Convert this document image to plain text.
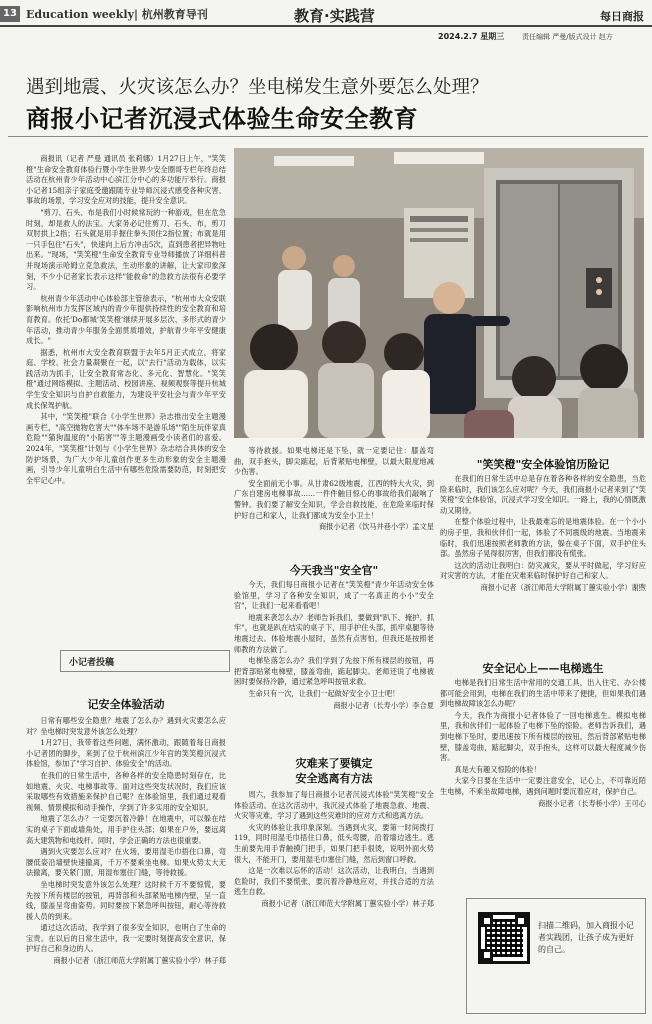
13 Education weekly| 杭州教育导刊	教育·实践营	每日商报
2024.2.7 星期三	责任编辑 严曼/版式设计 赵方
遇到地震、火灾该怎么办？坐电梯发生意外要怎么处理？
商报小记者沉浸式体验生命安全教育

商报讯（记者 严曼 通讯员 张莉娜）1月27日上午，"笑笑橙"生命安全教育体验行暨小学生世界少安全圈哥专栏年终总结活动在杭州青少年活动中心滨江分中心的多功能厅举行。商报小记者15组亲子家庭受邀跟随专业导师沉浸式感受各种灾害、事故的场景，学习安全应对的技能，提升安全意识。

"剪刀、石头、布是我们小时候常玩的一种游戏，但在危急时刻，却是救人的法宝。大家务必记住剪刀、石头、布，剪刀双肘拱上2指；石头就是用手握住拳头顶住2指位置；布就是用一只手包住"石头"，快速向上后方冲击5次，直到患者把异物吐出来。"现场，"笑笑橙"生命安全教育专业导师播放了详细科普并现场演示哈姆立克急救法，生动形象的讲解，让大家印象深刻，不少小记者家长表示这样"能救命"的急救方法很有必要学习。

杭州青少年活动中心体验部主管徐表示，"杭州市大众安联影响杭州市力发挥区域内的青少年提供持续性的安全教育和培育教育。依托'Do都城'笑笑橙'继续开展多层次、多形式的青少年活动，推动青少年服务全面贯质增效，护航青少年平安健康成长。"

据悉，杭州市大安全教育联盟于去年5月正式成立，将家庭、学校、社会力量凝聚在一起，以"去行"活动为载体，以实践活动为抓手，让安全教育常态化、多元化、智慧化。"笑笑橙"通过网络模拟、主题活动、校园讲座、视频观察等提升杭城学生安全知识与自护自救能力，为建设平安社会与青少年平安成长保驾护航。

其中，"笑笑橙"联合《小学生世界》杂志推出安全主题漫画专栏，"高空抛物危害大""体车场不是游乐场""陌生玩伴家真危险""猫狗温度的"小陷害""等主题漫画受小读者们的喜爱。2024年，"笑笑橙"计划与《小学生世界》杂志结合具体的安全防护场景，为广大少年儿童创作更多生动形象的安全主题漫画，引导少年儿童明白生活中有哪些危险需要防范，时刻把安全牢记心中。

小记者投稿
记安全体验活动

日常有哪些安全隐患？地震了怎么办？遇到火灾要怎么应对？坐电梯时突发意外该怎么处理？

1月27日，我带着这些问题，满怀激动，跟随着每日商报小记者团的脚步，来到了位于杭州滨江少年宫的笑笑橙沉浸式体验馆，参加了"学习自护、体验安全"的活动。

在我们的日常生活中，各种各样的安全隐患时刻存在，比如地震、火灾、电梯事故等。面对这些突发状况时，我们应该采取哪些有效措施来保护自己呢？在体验馆里，我们通过观看视频、情景模拟和动手操作，学到了许多实用的安全知识。

地震了怎么办？一定要沉着冷静！在地震中，可以躲在结实的桌子下面或墙角处，用手护住头部；如果在户外，要远离高大建筑物和电线杆。同时，学会正确的方法也很重要。

遇到火灾要怎么应对？在火场，要用湿毛巾捂住口鼻，弯腰低姿沿墙壁快速撤离，千万不要乘坐电梯。如果火势太大无法撤离，要关紧门窗，用湿布塞住门缝，等待救援。

坐电梯时突发意外该怎么处理？这时候千万不要惊慌，要先按下所有楼层的按钮，再背部和头部紧贴电梯内壁，呈一直线，膝盖呈弯曲姿势。同时要按下紧急呼叫按钮，耐心等待救援人员的到来。

通过这次活动，我学到了很多安全知识，也明白了生命的宝贵。在以后的日常生活中，我一定要时刻提高安全意识，保护好自己和身边的人。

商报小记者（浙江师范大学附属丁蕙实验小学）林子郑

等待救援。如果电梯还是下坠，就一定要记住：膝盖弯曲，双手抱头，脚尖踮起，后背紧贴电梯壁，以最大限度地减少伤害。

安全面前无小事。从甘肃62级地震，江西的特大火灾，到广东自建房电梯事故……一件件触目惊心的事故给我们敲响了警钟。我们要了解安全知识，学会自救技能，在危险来临时保护好自己和家人，让我们都成为安全小卫士！

商报小记者（饮马井巷小学）孟文星

今天我当"安全官"

今天，我们每日商报小记者在"笑笑橙"青少年活动安全体验馆里，学习了各种安全知识，成了一名真正的小小"安全官"，让我们一起来看看吧！

地震来袭怎么办？老师告诉我们，要做到"趴下、掩护、抓牢"，也就是趴在结实的桌子下，用手护住头部，抓牢桌腿等待地震过去。体验地震小屋时，虽然有点害怕，但我还是按照老师教的方法做了。

电梯坠落怎么办？我们学到了先按下所有楼层的按钮，再把背部贴紧电梯壁，膝盖弯曲，踮起脚尖。老师还说了电梯被困时要保持冷静，通过紧急呼叫按钮求救。

生命只有一次，让我们一起做好安全小卫士吧！

商报小记者（长寿小学）李合夏

灾难来了要镇定
安全逃离有方法

周六，我参加了每日商报小记者沉浸式体验"笑笑橙"安全体验活动。在这次活动中，我沉浸式体验了地震急救、地震、火灾等灾难，学习了遇到这些灾难时的应对方式和逃离方法。

火灾的体验让我印象深刻。当遇到火灾，要第一时间拨打119，同时用湿毛巾捂住口鼻，低头弯腰，沿着墙边逃生。逃生前要先用手背触摸门把手，如果门把手很烫，说明外面火势很大，不能开门，要用湿毛巾塞住门缝，然后到窗口呼救。

这是一次难以忘怀的活动！这次活动，让我明白，当遇到危险时，我们不要慌张，要沉着冷静地应对，并找合适的方法逃生自救。

商报小记者（浙江师范大学附属丁蕙实验小学）林子郑

"笑笑橙"安全体验馆历险记

在我们的日常生活中总是存在着各种各样的安全隐患，当危险来临时，我们该怎么应对呢？今天，我们商报小记者来到了"笑笑橙"安全体验馆，沉浸式学习安全知识。一路上，我的心情既激动又期待。

在整个体验过程中，让我最难忘的是地震体验。在一个小小的房子里，我和伙伴们一起，体验了不同震级的地震。当地震来临时，我们迅速按照老师教的方法，躲在桌子下面，双手护住头部。虽然房子晃得很厉害，但我们都没有慌张。

这次的活动让我明白：防灾减灾，要从平时做起，学习好应对灾害的方法，才能在灾难来临时保护好自己和家人。

商报小记者（浙江师范大学附属丁蕙实验小学）谢煦

安全记心上——电梯逃生

电梯是我们日常生活中常用的交通工具，出入住宅、办公楼都可能会用到，电梯在我们的生活中带来了便捷，但如果我们遇到电梯故障该怎么办呢？

今天，我作为商报小记者体验了一回电梯逃生。模拟电梯里，我和伙伴们一起体验了电梯下坠的惊险。老师告诉我们，遇到电梯下坠时，要迅速按下所有楼层的按钮，然后背部紧贴电梯壁，膝盖弯曲，踮起脚尖，双手抱头，这样可以最大程度减少伤害。

真是大有趣又惊险的体验！

大家今日要在生活中一定要注意安全，记心上，不可靠近陌生电梯，不乘坐故障电梯，遇到问题时要沉着应对，保护自己。

商报小记者（长寿桥小学）王可心

扫描二维码，加入商报小记者实践团，让孩子成为更好的自己。
